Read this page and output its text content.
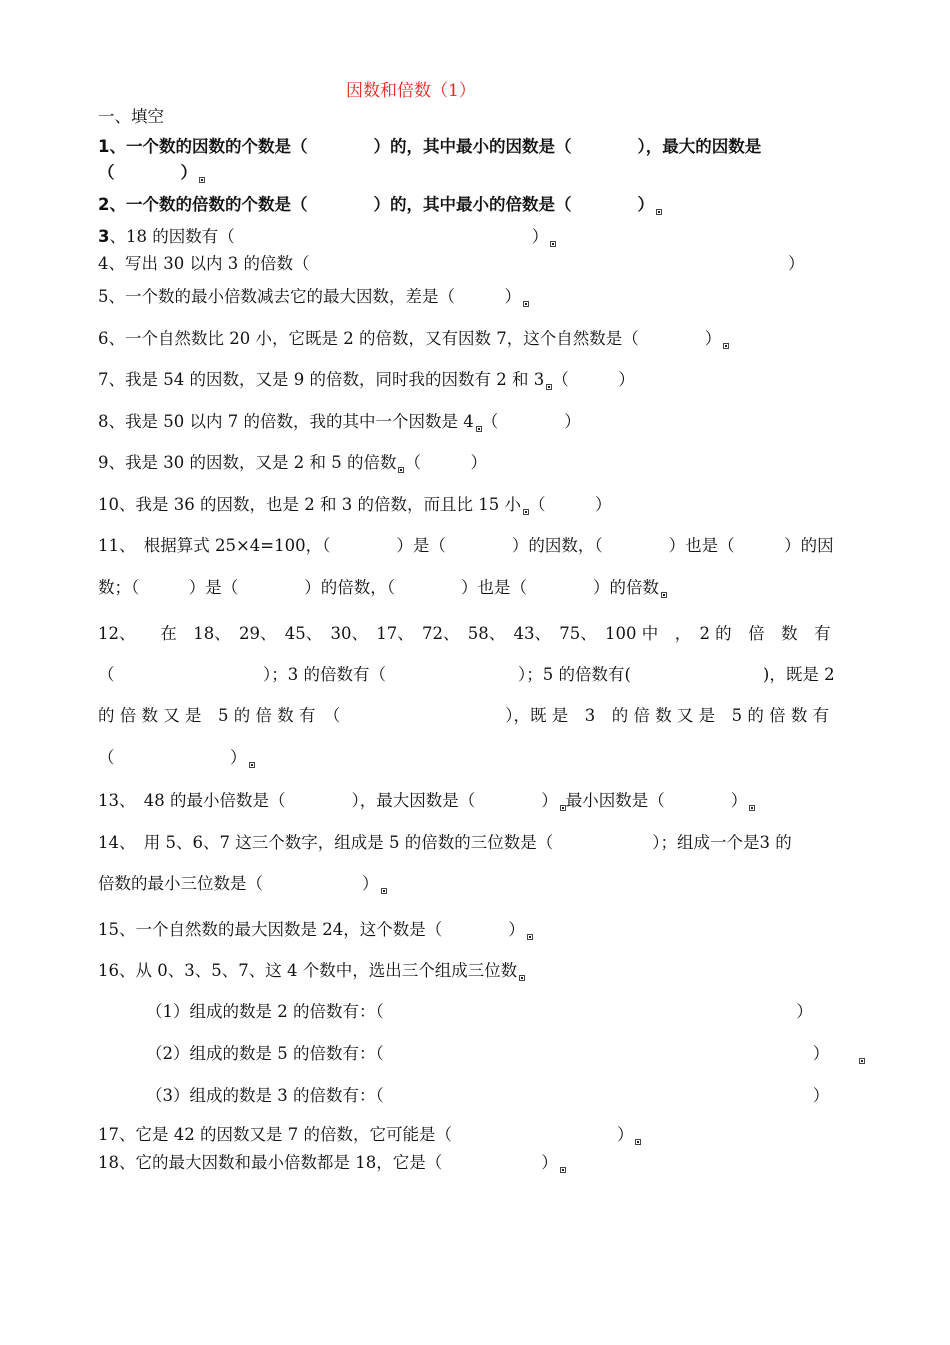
因数和倍数（1）
一、填空
1、一个数的因数的个数是（　　　　）的，其中最小的因数是（　　　　），最大的因数是
（　　　　）
2、一个数的倍数的个数是（　　　　）的，其中最小的倍数是（　　　　）
3、18 的因数有（　　　　　　　　　　　　　　　　　　）
4、写出 30 以内 3 的倍数（　　　　　　　　　　　　　　　　　　　　　　　　　　　　　）
5、一个数的最小倍数减去它的最大因数，差是（　　　）
6、一个自然数比 20 小，它既是 2 的倍数，又有因数 7，这个自然数是（　　　　）
7、我是 54 的因数，又是 9 的倍数，同时我的因数有 2 和 3 （　　　）
8、我是 50 以内 7 的倍数，我的其中一个因数是 4 （　　　　）
9、我是 30 的因数，又是 2 和 5 的倍数 （　　　）
10、我是 36 的因数，也是 2 和 3 的倍数，而且比 15 小 （　　　）
11、　根据算式 25×4=100，（　　　　）是（　　　　）的因数，（　　　　）也是（　　　）的因
数；（　　　）是（　　　　）的倍数，（　　　　）也是（　　　　）的倍数
12、　　在　18、　29、　45、　30、　17、　72、　58、　43、　75、　100 中　，　2 的　倍　数　有
（　　　　　　　　　）；3 的倍数有（　　　　　　　　）；5 的倍数有(　　　　　　　　)，既是 2
的 倍 数 又 是　5 的 倍 数 有　（　　　　　　　　　　），既 是　3　的 倍 数 又 是　5 的 倍 数 有
（　　　　　　　）
13、　48 的最小倍数是（　　　　），最大因数是（　　　　） 最小因数是（　　　　）
14、　用 5、6、7 这三个数字，组成是 5 的倍数的三位数是（　　　　　　）；组成一个是3 的
倍数的最小三位数是（　　　　　　）
15、一个自然数的最大因数是 24，这个数是（　　　　）
16、从 0、3、5、7、这 4 个数中，选出三个组成三位数
（1）组成的数是 2 的倍数有：（　　　　　　　　　　　　　　　　　　　　　　　　　）
（2）组成的数是 5 的倍数有：（　　　　　　　　　　　　　　　　　　　　　　　　　　）
（3）组成的数是 3 的倍数有：（　　　　　　　　　　　　　　　　　　　　　　　　　　）
17、它是 42 的因数又是 7 的倍数，它可能是（　　　　　　　　　　）
18、它的最大因数和最小倍数都是 18，它是（　　　　　　）
